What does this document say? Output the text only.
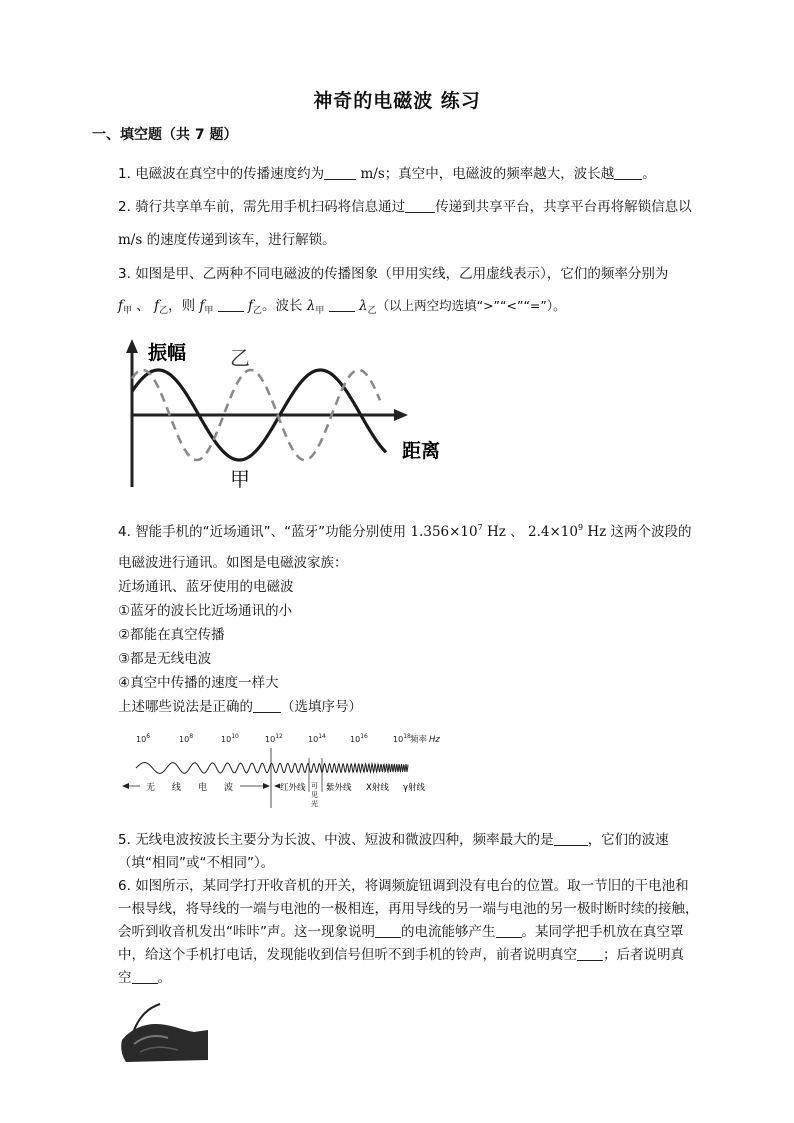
神奇的电磁波 练习
一、填空题（共 7 题）
1. 电磁波在真空中的传播速度约为 m/s；真空中，电磁波的频率越大，波长越 。
2. 骑行共享单车前，需先用手机扫码将信息通过 传递到共享平台，共享平台再将解锁信息以
m/s 的速度传递到该车，进行解锁。
3. 如图是甲、乙两种不同电磁波的传播图象（甲用实线，乙用虚线表示），它们的频率分别为
$f_甲$ 、 $f_乙$，则 $f_甲$	$f_乙$。波长 $\lambda_甲$	$\lambda_乙$（以上两空均选填“>”“<”“=”）。
振幅
距离
乙
甲
4. 智能手机的“近场通讯”、“蓝牙”功能分别使用 $1.356\times 10^7$ Hz 、 $2.4\times 10^9$ Hz 这两个波段的
电磁波进行通讯。如图是电磁波家族：
近场通讯、蓝牙使用的电磁波
①蓝牙的波长比近场通讯的小
②都能在真空传播
③都是无线电波
④真空中传播的速度一样大
上述哪些说法是正确的 （选填序号）
$10^6$	$10^8$	$10^{10}$	$10^{12}$	$10^{14}$	$10^{16}$	$10^{18}$ 频率 Hz
无 线 电 波	红外线 可
见
光
紫外线 X射线 γ射线
5. 无线电波按波长主要分为长波、中波、短波和微波四种，频率最大的是	，它们的波速
（填“相同”或“不相同”）。
6. 如图所示，某同学打开收音机的开关，将调频旋钮调到没有电台的位置。取一节旧的干电池和
一根导线，将导线的一端与电池的一极相连，再用导线的另一端与电池的另一极时断时续的接触，
会听到收音机发出“咔咔”声。这一现象说明 的电流能够产生 。某同学把手机放在真空罩
中，给这个手机打电话，发现能收到信号但听不到手机的铃声，前者说明真空 ；后者说明真
空 。
